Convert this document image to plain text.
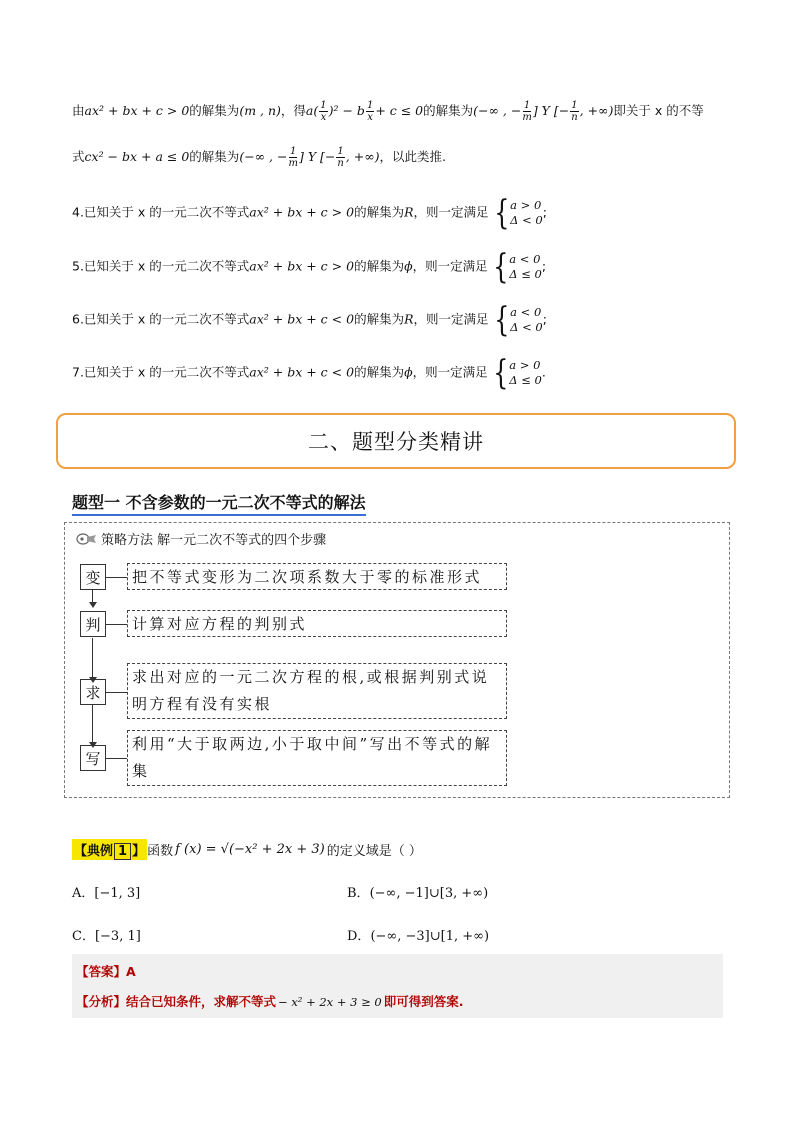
由ax² + bx + c > 0的解集为(m , n)，得$a( \frac{1}{x} )^2 - b \frac{1}{x} + c \le 0$的解集为(−∞ , − $\frac{1}{m}$ ] Y [− $\frac{1}{n}$ , +∞)即关于 x 的不等
式cx² − bx + a ≤ 0的解集为(−∞ , − $\frac{1}{m}$ ] Y [− $\frac{1}{n}$ , +∞)，以此类推.
4.已知关于 x 的一元二次不等式ax² + bx + c > 0的解集为R，则一定满足 { a > 0
Δ < 0
;
5.已知关于 x 的一元二次不等式ax² + bx + c > 0的解集为ϕ，则一定满足 { a < 0
Δ ≤ 0
;
6.已知关于 x 的一元二次不等式ax² + bx + c < 0的解集为R，则一定满足 { a < 0
Δ < 0
;
7.已知关于 x 的一元二次不等式ax² + bx + c < 0的解集为ϕ，则一定满足 { a > 0
Δ ≤ 0
.
二、题型分类精讲
题型一 不含参数的一元二次不等式的解法
策略方法 解一元二次不等式的四个步骤
变	把不等式变形为二次项系数大于零的标准形式
判	计算对应方程的判别式
求
求出对应的一元二次方程的根,或根据判别式说明方程有没有实根
写
利用“大于取两边,小于取中间”写出不等式的解集
【典例 1 】 函数 f (x) = √(−x² + 2x + 3) 的定义域是（ ）
A．[−1, 3]	B．(−∞, −1]∪[3, +∞)
C．[−3, 1]	D．(−∞, −3]∪[1, +∞)
【答案】A
【分析】结合已知条件，求解不等式 − x² + 2x + 3 ≥ 0 即可得到答案.
